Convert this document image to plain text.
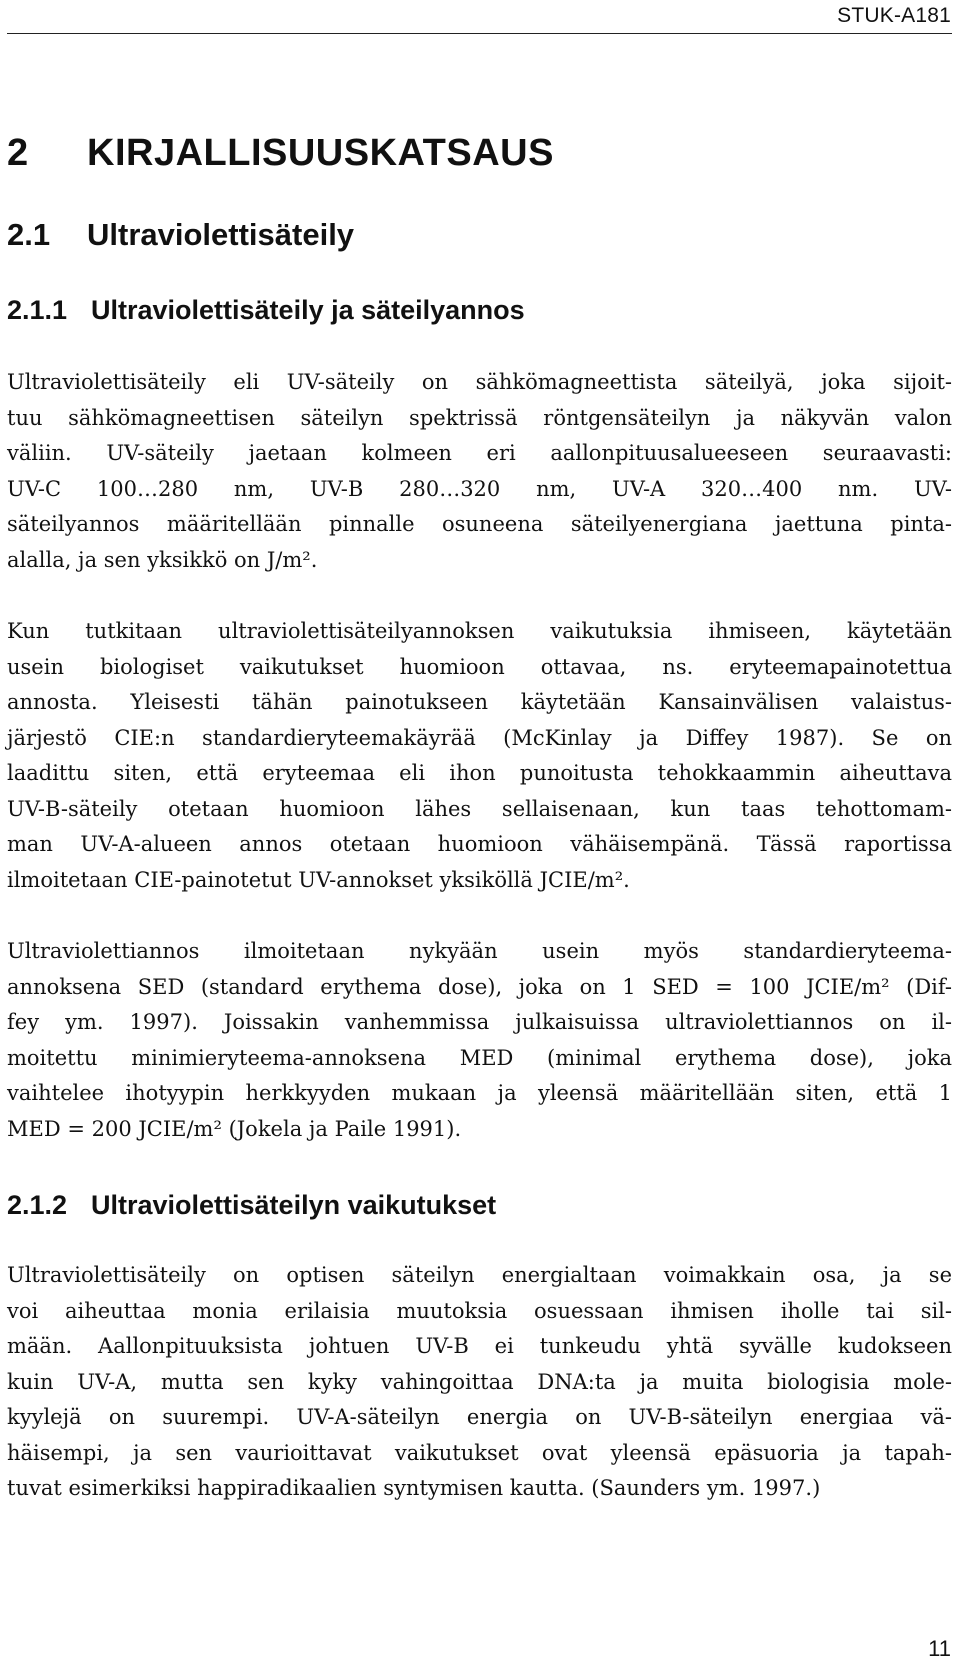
STUK-A181
2 KIRJALLISUUSKATSAUS
2.1 Ultraviolettisäteily
2.1.1 Ultraviolettisäteily ja säteilyannos
Ultraviolettisäteily eli UV-säteily on sähkömagneettista säteilyä, joka sijoit-
tuu sähkömagneettisen säteilyn spektrissä röntgensäteilyn ja näkyvän valon
väliin. UV-säteily jaetaan kolmeen eri aallonpituusalueeseen seuraavasti:
UV-C 100…280 nm, UV-B 280…320 nm, UV-A 320…400 nm. UV-
säteilyannos määritellään pinnalle osuneena säteilyenergiana jaettuna pinta-
alalla, ja sen yksikkö on J/m².
Kun tutkitaan ultraviolettisäteilyannoksen vaikutuksia ihmiseen, käytetään
usein biologiset vaikutukset huomioon ottavaa, ns. eryteemapainotettua
annosta. Yleisesti tähän painotukseen käytetään Kansainvälisen valaistus-
järjestö CIE:n standardieryteemakäyrää (McKinlay ja Diffey 1987). Se on
laadittu siten, että eryteemaa eli ihon punoitusta tehokkaammin aiheuttava
UV-B-säteily otetaan huomioon lähes sellaisenaan, kun taas tehottomam-
man UV-A-alueen annos otetaan huomioon vähäisempänä. Tässä raportissa
ilmoitetaan CIE-painotetut UV-annokset yksiköllä JCIE/m².
Ultraviolettiannos ilmoitetaan nykyään usein myös standardieryteema-
annoksena SED (standard erythema dose), joka on 1 SED = 100 JCIE/m² (Dif-
fey ym. 1997). Joissakin vanhemmissa julkaisuissa ultraviolettiannos on il-
moitettu minimieryteema-annoksena MED (minimal erythema dose), joka
vaihtelee ihotyypin herkkyyden mukaan ja yleensä määritellään siten, että 1
MED = 200 JCIE/m² (Jokela ja Paile 1991).
2.1.2 Ultraviolettisäteilyn vaikutukset
Ultraviolettisäteily on optisen säteilyn energialtaan voimakkain osa, ja se
voi aiheuttaa monia erilaisia muutoksia osuessaan ihmisen iholle tai sil-
mään. Aallonpituuksista johtuen UV-B ei tunkeudu yhtä syvälle kudokseen
kuin UV-A, mutta sen kyky vahingoittaa DNA:ta ja muita biologisia mole-
kyylejä on suurempi. UV-A-säteilyn energia on UV-B-säteilyn energiaa vä-
häisempi, ja sen vaurioittavat vaikutukset ovat yleensä epäsuoria ja tapah-
tuvat esimerkiksi happiradikaalien syntymisen kautta. (Saunders ym. 1997.)
11
